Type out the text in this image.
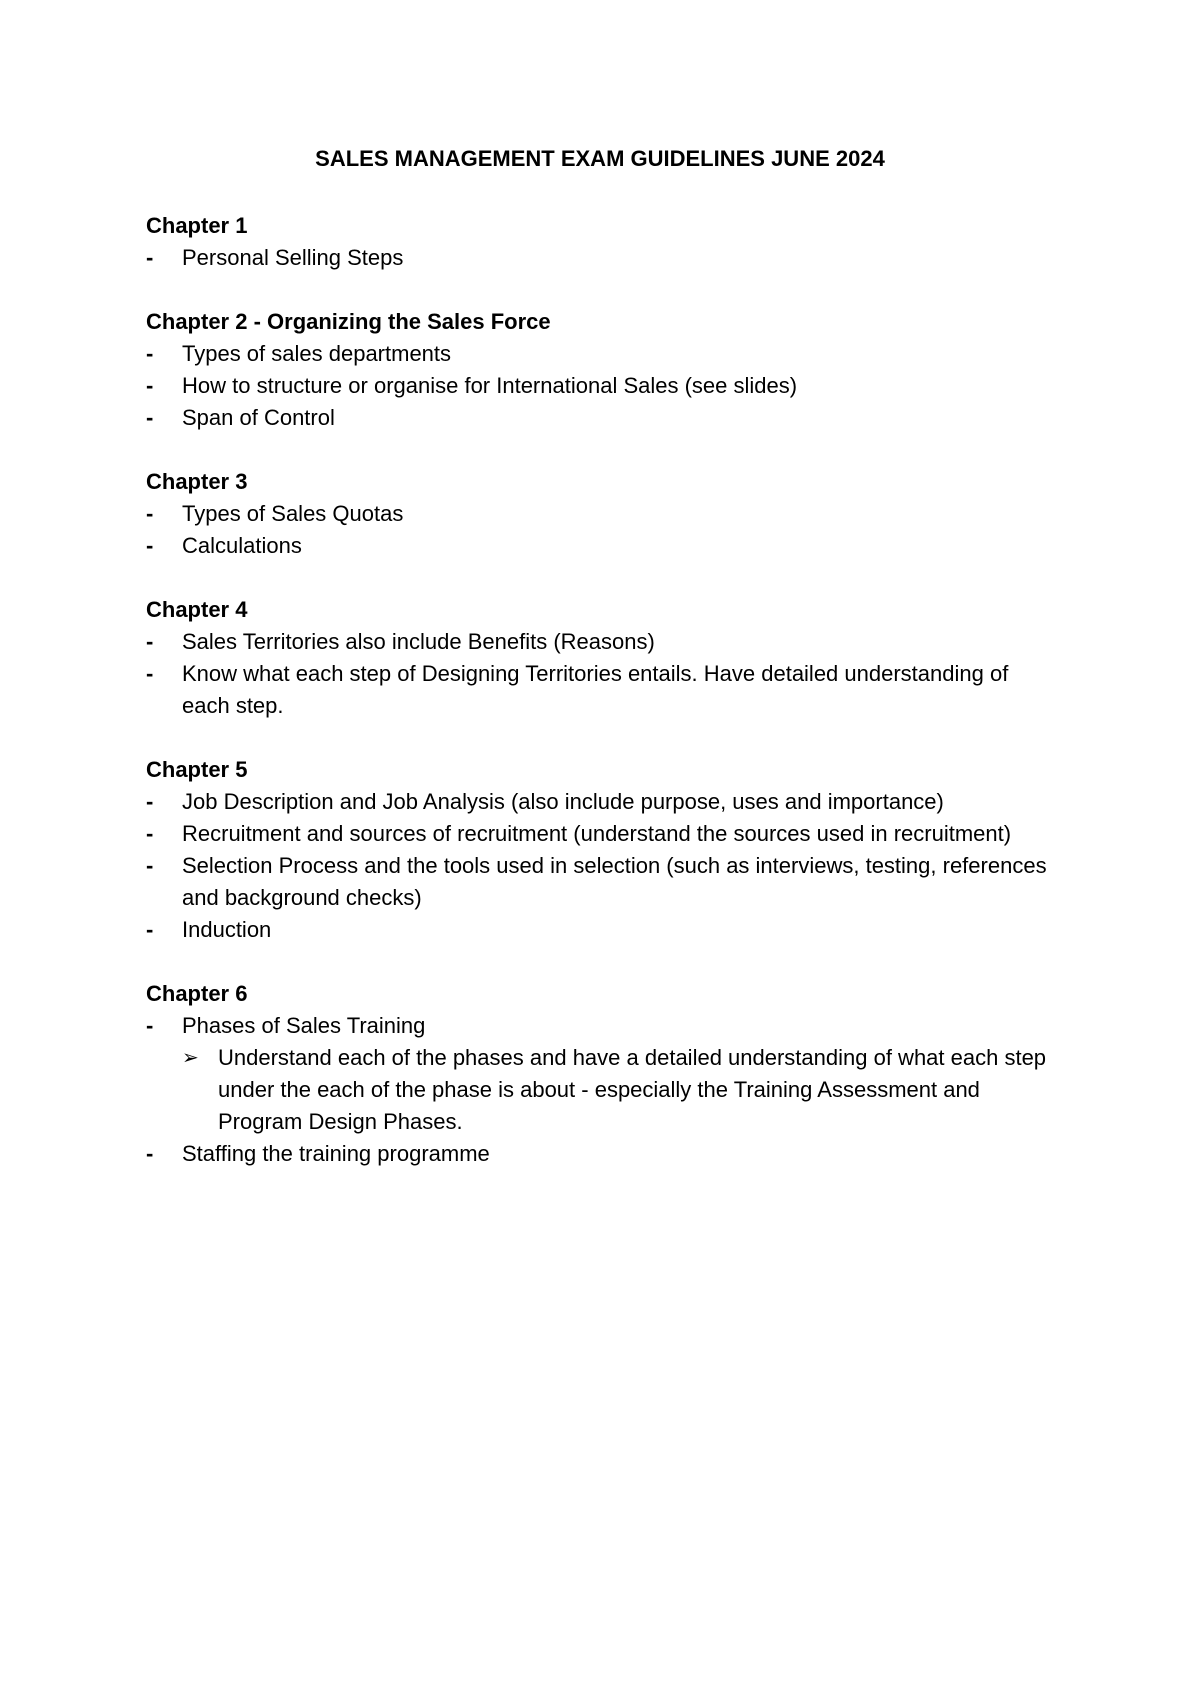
SALES MANAGEMENT EXAM GUIDELINES JUNE 2024
Chapter 1
-	Personal Selling Steps
Chapter 2 - Organizing the Sales Force
-	Types of sales departments
-	How to structure or organise for International Sales (see slides)
-	Span of Control
Chapter 3
-	Types of Sales Quotas
-	Calculations
Chapter 4
-	Sales Territories also include Benefits (Reasons)
-	Know what each step of Designing Territories entails. Have detailed understanding of each step.
Chapter 5
-	Job Description and Job Analysis (also include purpose, uses and importance)
-	Recruitment and sources of recruitment (understand the sources used in recruitment)
-	Selection Process and the tools used in selection (such as interviews, testing, references and background checks)
-	Induction
Chapter 6
-	Phases of Sales Training
➢ Understand each of the phases and have a detailed understanding of what each step under the each of the phase is about - especially the Training Assessment and Program Design Phases.
-	Staffing the training programme
